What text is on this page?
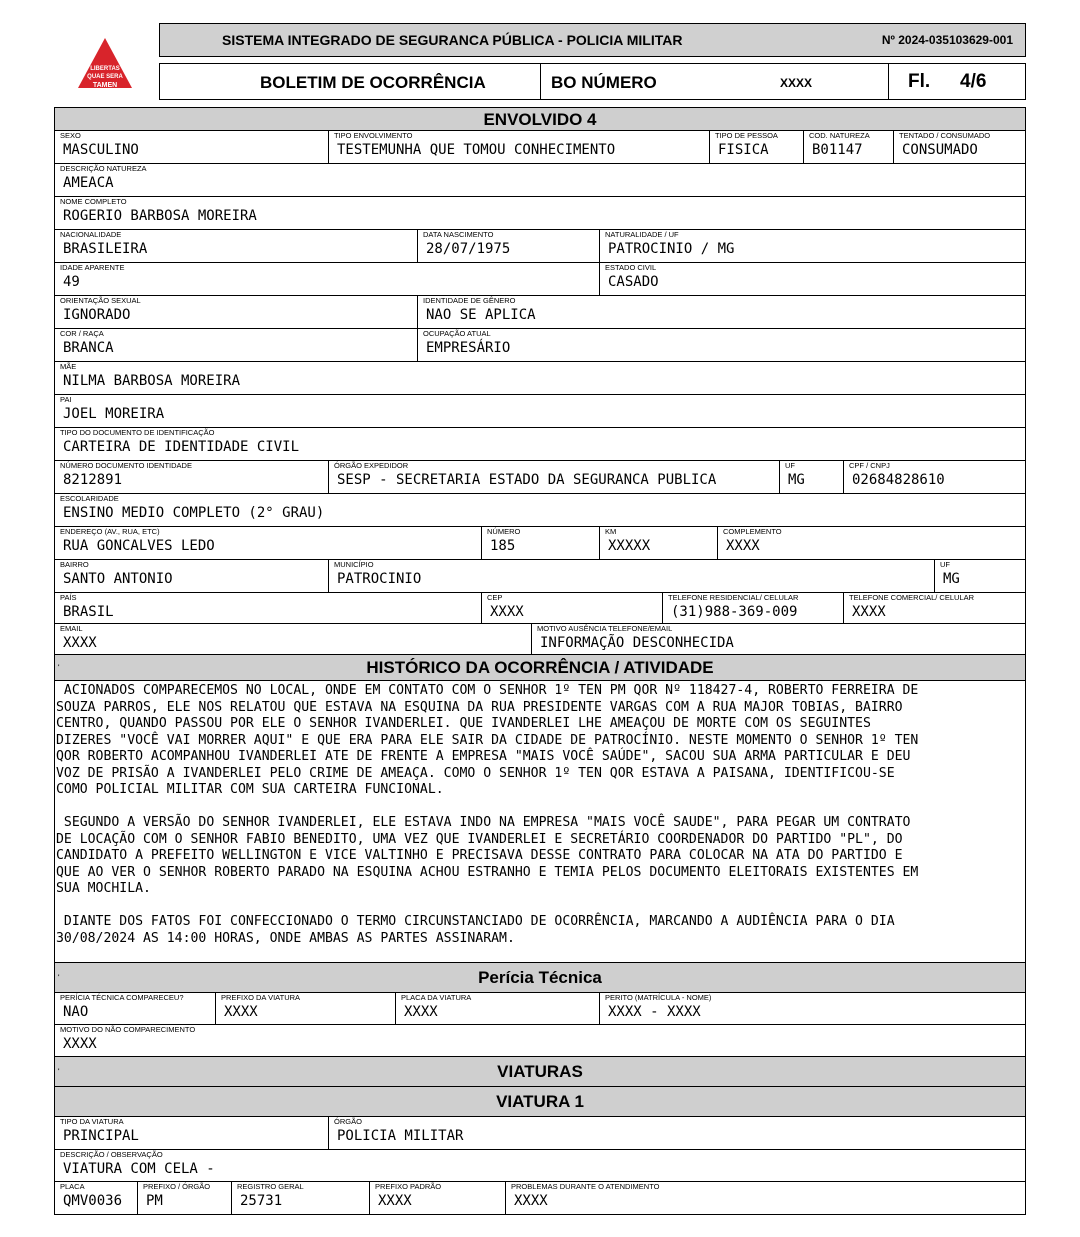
LIBERTAS
QUAE SERA
TAMEN
SISTEMA INTEGRADO DE SEGURANCA PÚBLICA - POLICIA MILITAR	Nº 2024-035103629-001
BOLETIM DE OCORRÊNCIA	BO NÚMERO	XXXX	Fl. 4/6
ENVOLVIDO 4
SEXO
MASCULINO
TIPO ENVOLVIMENTO
TESTEMUNHA QUE TOMOU CONHECIMENTO
TIPO DE PESSOA
FISICA
COD. NATUREZA
B01147
TENTADO / CONSUMADO
CONSUMADO
DESCRIÇÃO NATUREZA
AMEACA
NOME COMPLETO
ROGERIO BARBOSA MOREIRA
NACIONALIDADE
BRASILEIRA
DATA NASCIMENTO
28/07/1975
NATURALIDADE / UF
PATROCINIO / MG
IDADE APARENTE
49
ESTADO CIVIL
CASADO
ORIENTAÇÃO SEXUAL
IGNORADO
IDENTIDADE DE GÊNERO
NAO SE APLICA
COR / RAÇA
BRANCA
OCUPAÇÃO ATUAL
EMPRESÁRIO
MÃE
NILMA BARBOSA MOREIRA
PAI
JOEL MOREIRA
TIPO DO DOCUMENTO DE IDENTIFICAÇÃO
CARTEIRA DE IDENTIDADE CIVIL
NÚMERO DOCUMENTO IDENTIDADE
8212891
ÓRGÃO EXPEDIDOR
SESP - SECRETARIA ESTADO DA SEGURANCA PUBLICA
UF
MG
CPF / CNPJ
02684828610
ESCOLARIDADE
ENSINO MEDIO COMPLETO (2° GRAU)
ENDEREÇO (AV., RUA, ETC)
RUA GONCALVES LEDO
NÚMERO
185
KM
XXXXX
COMPLEMENTO
XXXX
BAIRRO
SANTO ANTONIO
MUNICÍPIO
PATROCINIO
UF
MG
PAÍS
BRASIL
CEP
XXXX
TELEFONE RESIDENCIAL/ CELULAR
(31)988-369-009
TELEFONE COMERCIAL/ CELULAR
XXXX
EMAIL
XXXX
MOTIVO AUSÊNCIA TELEFONE/EMAIL
INFORMAÇÃO DESCONHECIDA
'	HISTÓRICO DA OCORRÊNCIA / ATIVIDADE
ACIONADOS COMPARECEMOS NO LOCAL, ONDE EM CONTATO COM O SENHOR 1º TEN PM QOR Nº 118427-4, ROBERTO FERREIRA DE
SOUZA PARROS, ELE NOS RELATOU QUE ESTAVA NA ESQUINA DA RUA PRESIDENTE VARGAS COM A RUA MAJOR TOBIAS, BAIRRO
CENTRO, QUANDO PASSOU POR ELE O SENHOR IVANDERLEI. QUE IVANDERLEI LHE AMEAÇOU DE MORTE COM OS SEGUINTES
DIZERES "VOCÊ VAI MORRER AQUI" E QUE ERA PARA ELE SAIR DA CIDADE DE PATROCÍNIO. NESTE MOMENTO O SENHOR 1º TEN
QOR ROBERTO ACOMPANHOU IVANDERLEI ATE DE FRENTE A EMPRESA "MAIS VOCÊ SAÚDE", SACOU SUA ARMA PARTICULAR E DEU
VOZ DE PRISÃO A IVANDERLEI PELO CRIME DE AMEAÇA. COMO O SENHOR 1º TEN QOR ESTAVA A PAISANA, IDENTIFICOU-SE
COMO POLICIAL MILITAR COM SUA CARTEIRA FUNCIONAL.

SEGUNDO A VERSÃO DO SENHOR IVANDERLEI, ELE ESTAVA INDO NA EMPRESA "MAIS VOCÊ SAUDE", PARA PEGAR UM CONTRATO
DE LOCAÇÃO COM O SENHOR FABIO BENEDITO, UMA VEZ QUE IVANDERLEI E SECRETÁRIO COORDENADOR DO PARTIDO "PL", DO
CANDIDATO A PREFEITO WELLINGTON E VICE VALTINHO E PRECISAVA DESSE CONTRATO PARA COLOCAR NA ATA DO PARTIDO E
QUE AO VER O SENHOR ROBERTO PARADO NA ESQUINA ACHOU ESTRANHO E TEMIA PELOS DOCUMENTO ELEITORAIS EXISTENTES EM
SUA MOCHILA.

DIANTE DOS FATOS FOI CONFECCIONADO O TERMO CIRCUNSTANCIADO DE OCORRÊNCIA, MARCANDO A AUDIÊNCIA PARA O DIA
30/08/2024 AS 14:00 HORAS, ONDE AMBAS AS PARTES ASSINARAM.
'	Perícia Técnica
PERÍCIA TÉCNICA COMPARECEU?
NAO
PREFIXO DA VIATURA
XXXX
PLACA DA VIATURA
XXXX
PERITO (MATRÍCULA - NOME)
XXXX - XXXX
MOTIVO DO NÃO COMPARECIMENTO
XXXX
'	VIATURAS
VIATURA 1
TIPO DA VIATURA
PRINCIPAL
ÓRGÃO
POLICIA MILITAR
DESCRIÇÃO / OBSERVAÇÃO
VIATURA COM CELA -
PLACA
QMV0036
PREFIXO / ÓRGÃO
PM
REGISTRO GERAL
25731
PREFIXO PADRÃO
XXXX
PROBLEMAS DURANTE O ATENDIMENTO
XXXX
